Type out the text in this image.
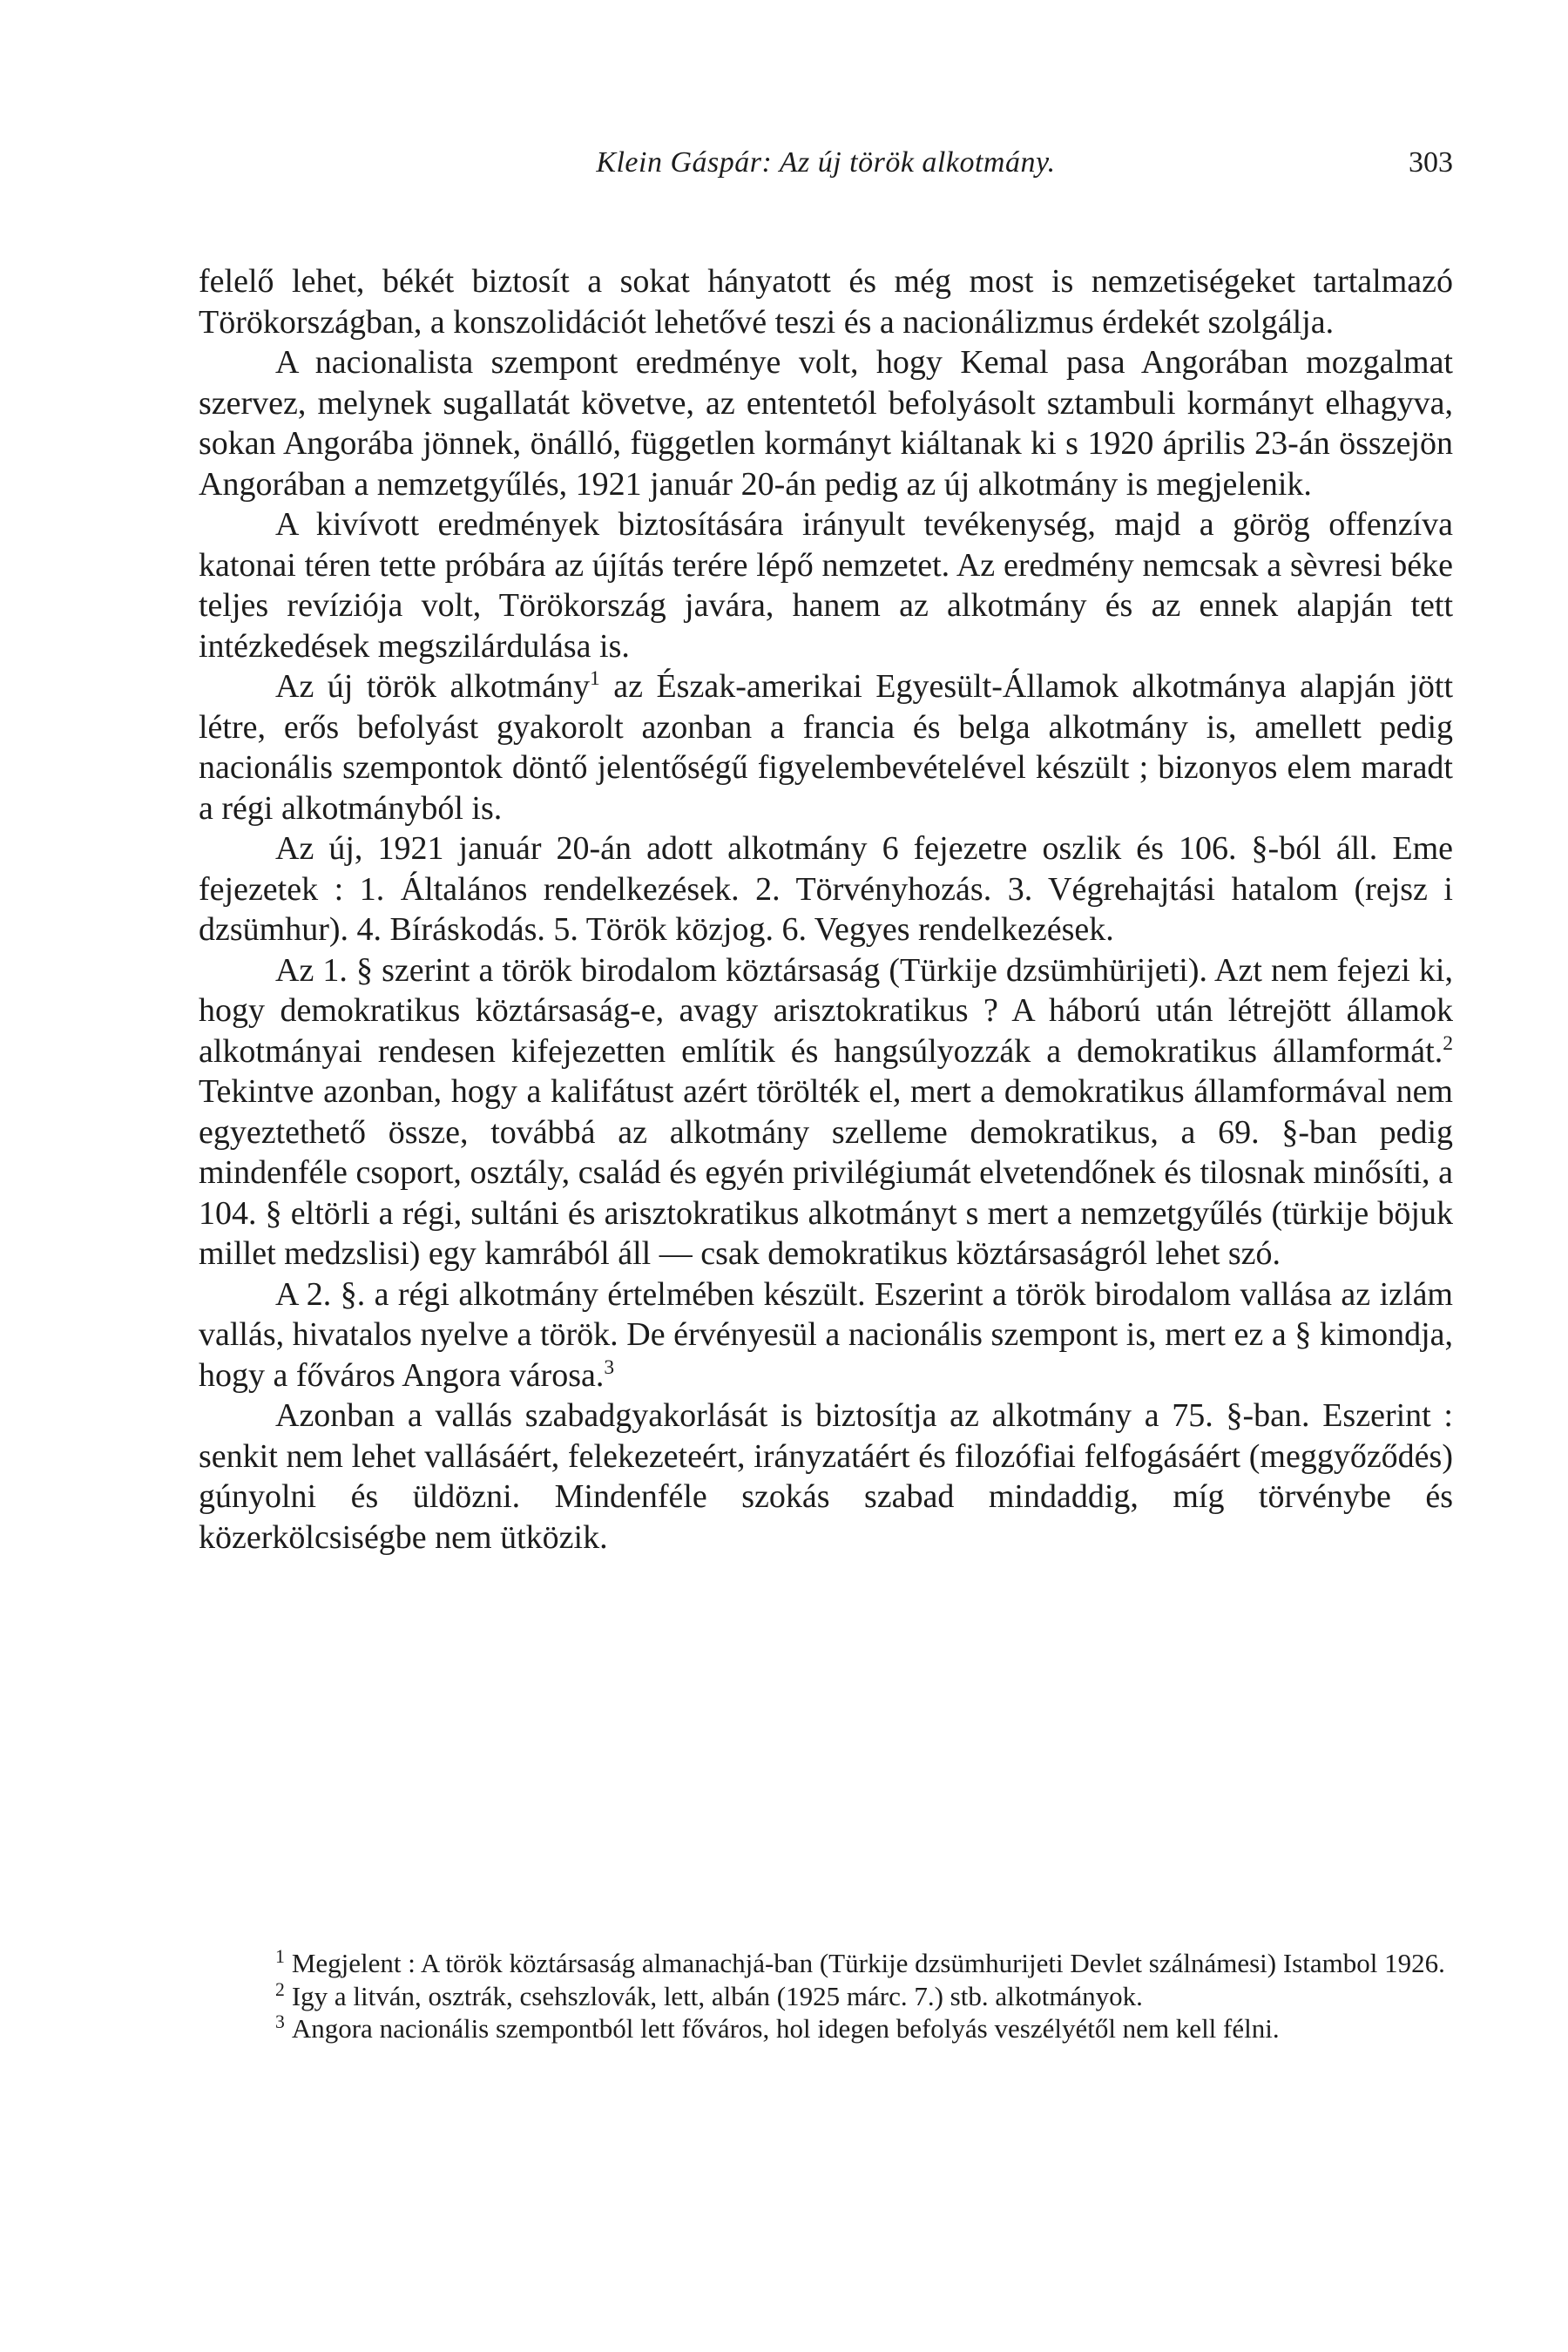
Klein Gáspár: Az új török alkotmány.	303

felelő lehet, békét biztosít a sokat hányatott és még most is nemzetiségeket tartalmazó Törökországban, a konszolidációt lehetővé teszi és a nacionálizmus érdekét szolgálja.

A nacionalista szempont eredménye volt, hogy Kemal pasa Angorában mozgalmat szervez, melynek sugallatát követve, az ententetól befolyásolt sztambuli kormányt elhagyva, sokan Angorába jönnek, önálló, független kormányt kiáltanak ki s 1920 április 23-án összejön Angorában a nemzetgyűlés, 1921 január 20-án pedig az új alkotmány is megjelenik.

A kivívott eredmények biztosítására irányult tevékenység, majd a görög offenzíva katonai téren tette próbára az újítás terére lépő nemzetet. Az eredmény nemcsak a sèvresi béke teljes revíziója volt, Törökország javára, hanem az alkotmány és az ennek alapján tett intézkedések megszilárdulása is.

Az új török alkotmány$^1$ az Észak-amerikai Egyesült-Államok alkotmánya alapján jött létre, erős befolyást gyakorolt azonban a francia és belga alkotmány is, amellett pedig nacionális szempontok döntő jelentőségű figyelembevételével készült ; bizonyos elem maradt a régi alkotmányból is.

Az új, 1921 január 20-án adott alkotmány 6 fejezetre oszlik és 106. §-ból áll. Eme fejezetek : 1. Általános rendelkezések. 2. Törvényhozás. 3. Végrehajtási hatalom (rejsz i dzsümhur). 4. Bíráskodás. 5. Török közjog. 6. Vegyes rendelkezések.

Az 1. § szerint a török birodalom köztársaság (Türkije dzsümhürijeti). Azt nem fejezi ki, hogy demokratikus köztársaság-e, avagy arisztokratikus ? A háború után létrejött államok alkotmányai rendesen kifejezetten említik és hangsúlyozzák a demokratikus államformát.$^2$ Tekintve azonban, hogy a kalifátust azért törölték el, mert a demokratikus államformával nem egyeztethető össze, továbbá az alkotmány szelleme demokratikus, a 69. §-ban pedig mindenféle csoport, osztály, család és egyén privilégiumát elvetendőnek és tilosnak minősíti, a 104. § eltörli a régi, sultáni és arisztokratikus alkotmányt s mert a nemzetgyűlés (türkije böjuk millet medzslisi) egy kamrából áll — csak demokratikus köztársaságról lehet szó.

A 2. §. a régi alkotmány értelmében készült. Eszerint a török birodalom vallása az izlám vallás, hivatalos nyelve a török. De érvényesül a nacionális szempont is, mert ez a § kimondja, hogy a főváros Angora városa.$^3$

Azonban a vallás szabadgyakorlását is biztosítja az alkotmány a 75. §-ban. Eszerint : senkit nem lehet vallásáért, felekezeteért, irányzatáért és filozófiai felfogásáért (meggyőződés) gúnyolni és üldözni. Mindenféle szokás szabad mindaddig, míg törvénybe és közerkölcsiségbe nem ütközik.

$^1$ Megjelent : A török köztársaság almanachjá-ban (Türkije dzsümhurijeti Devlet szálnámesi) Istambol 1926.

$^2$ Igy a litván, osztrák, csehszlovák, lett, albán (1925 márc. 7.) stb. alkotmányok.

$^3$ Angora nacionális szempontból lett főváros, hol idegen befolyás veszélyétől nem kell félni.
